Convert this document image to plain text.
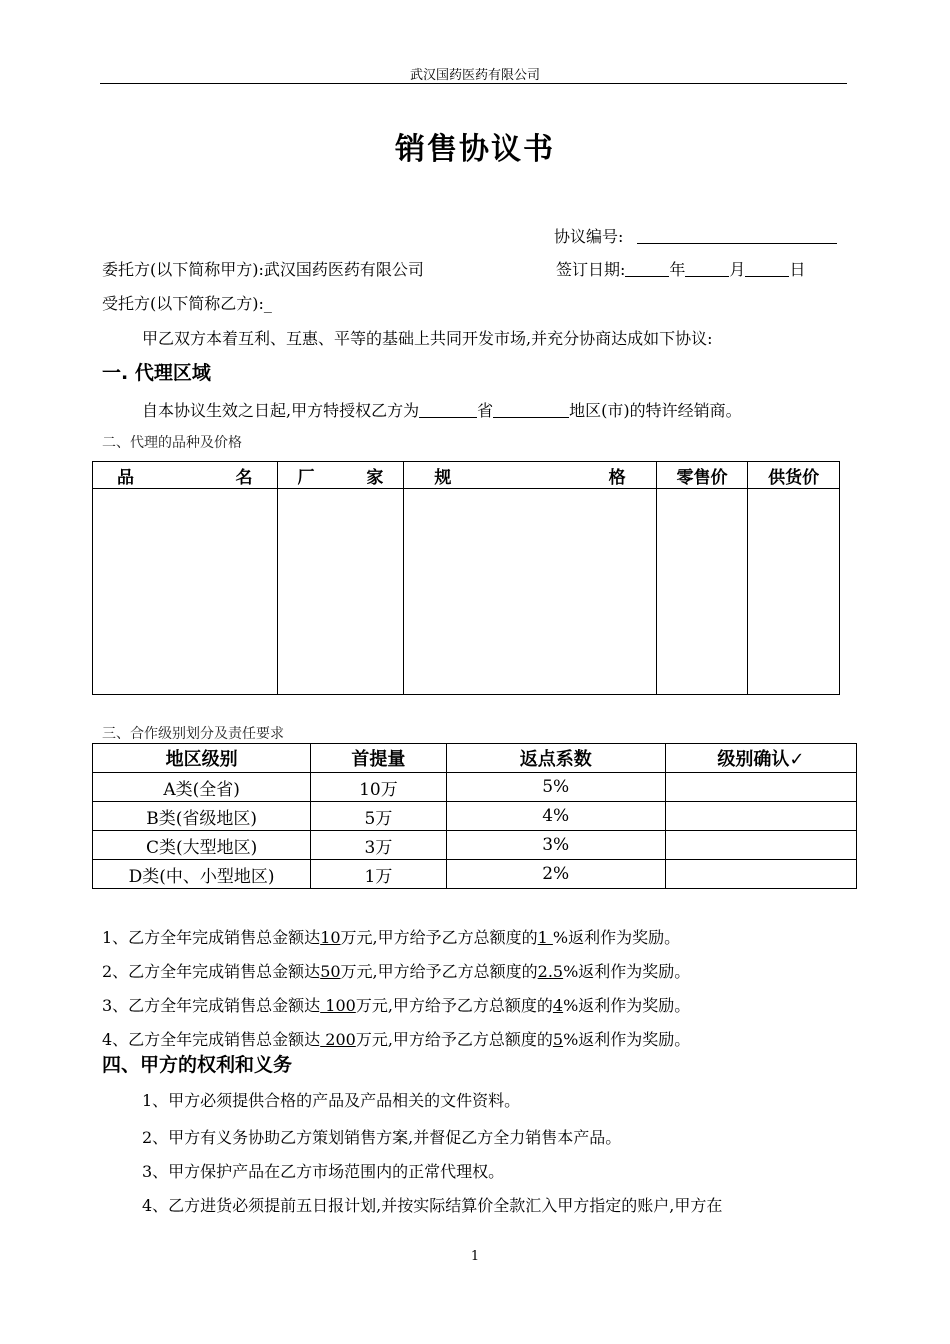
武汉国药医药有限公司
销售协议书
协议编号:
委托方(以下简称甲方):武汉国药医药有限公司	签订日期:	年	月	日
受托方(以下简称乙方):_
甲乙双方本着互利、互惠、平等的基础上共同开发市场,并充分协商达成如下协议:
一. 代理区域
自本协议生效之日起,甲方特授权乙方为	省	地区(市)的特许经销商。
二、代理的品种及价格
品 名	厂 家	规 格	零售价	供货价

三、合作级别划分及责任要求
地区级别	首提量	返点系数	级别确认✓
A类(全省)	10万	5%	
B类(省级地区)	5万	4%	
C类(大型地区)	3万	3%	
D类(中、小型地区)	1万	2%	
1、乙方全年完成销售总金额达10万元,甲方给予乙方总额度的1 %返利作为奖励。
2、乙方全年完成销售总金额达50万元,甲方给予乙方总额度的2.5%返利作为奖励。
3、乙方全年完成销售总金额达 100万元,甲方给予乙方总额度的4%返利作为奖励。
4、乙方全年完成销售总金额达 200万元,甲方给予乙方总额度的5%返利作为奖励。
四、甲方的权利和义务
1、甲方必须提供合格的产品及产品相关的文件资料。
2、甲方有义务协助乙方策划销售方案,并督促乙方全力销售本产品。
3、甲方保护产品在乙方市场范围内的正常代理权。
4、乙方进货必须提前五日报计划,并按实际结算价全款汇入甲方指定的账户,甲方在
1
